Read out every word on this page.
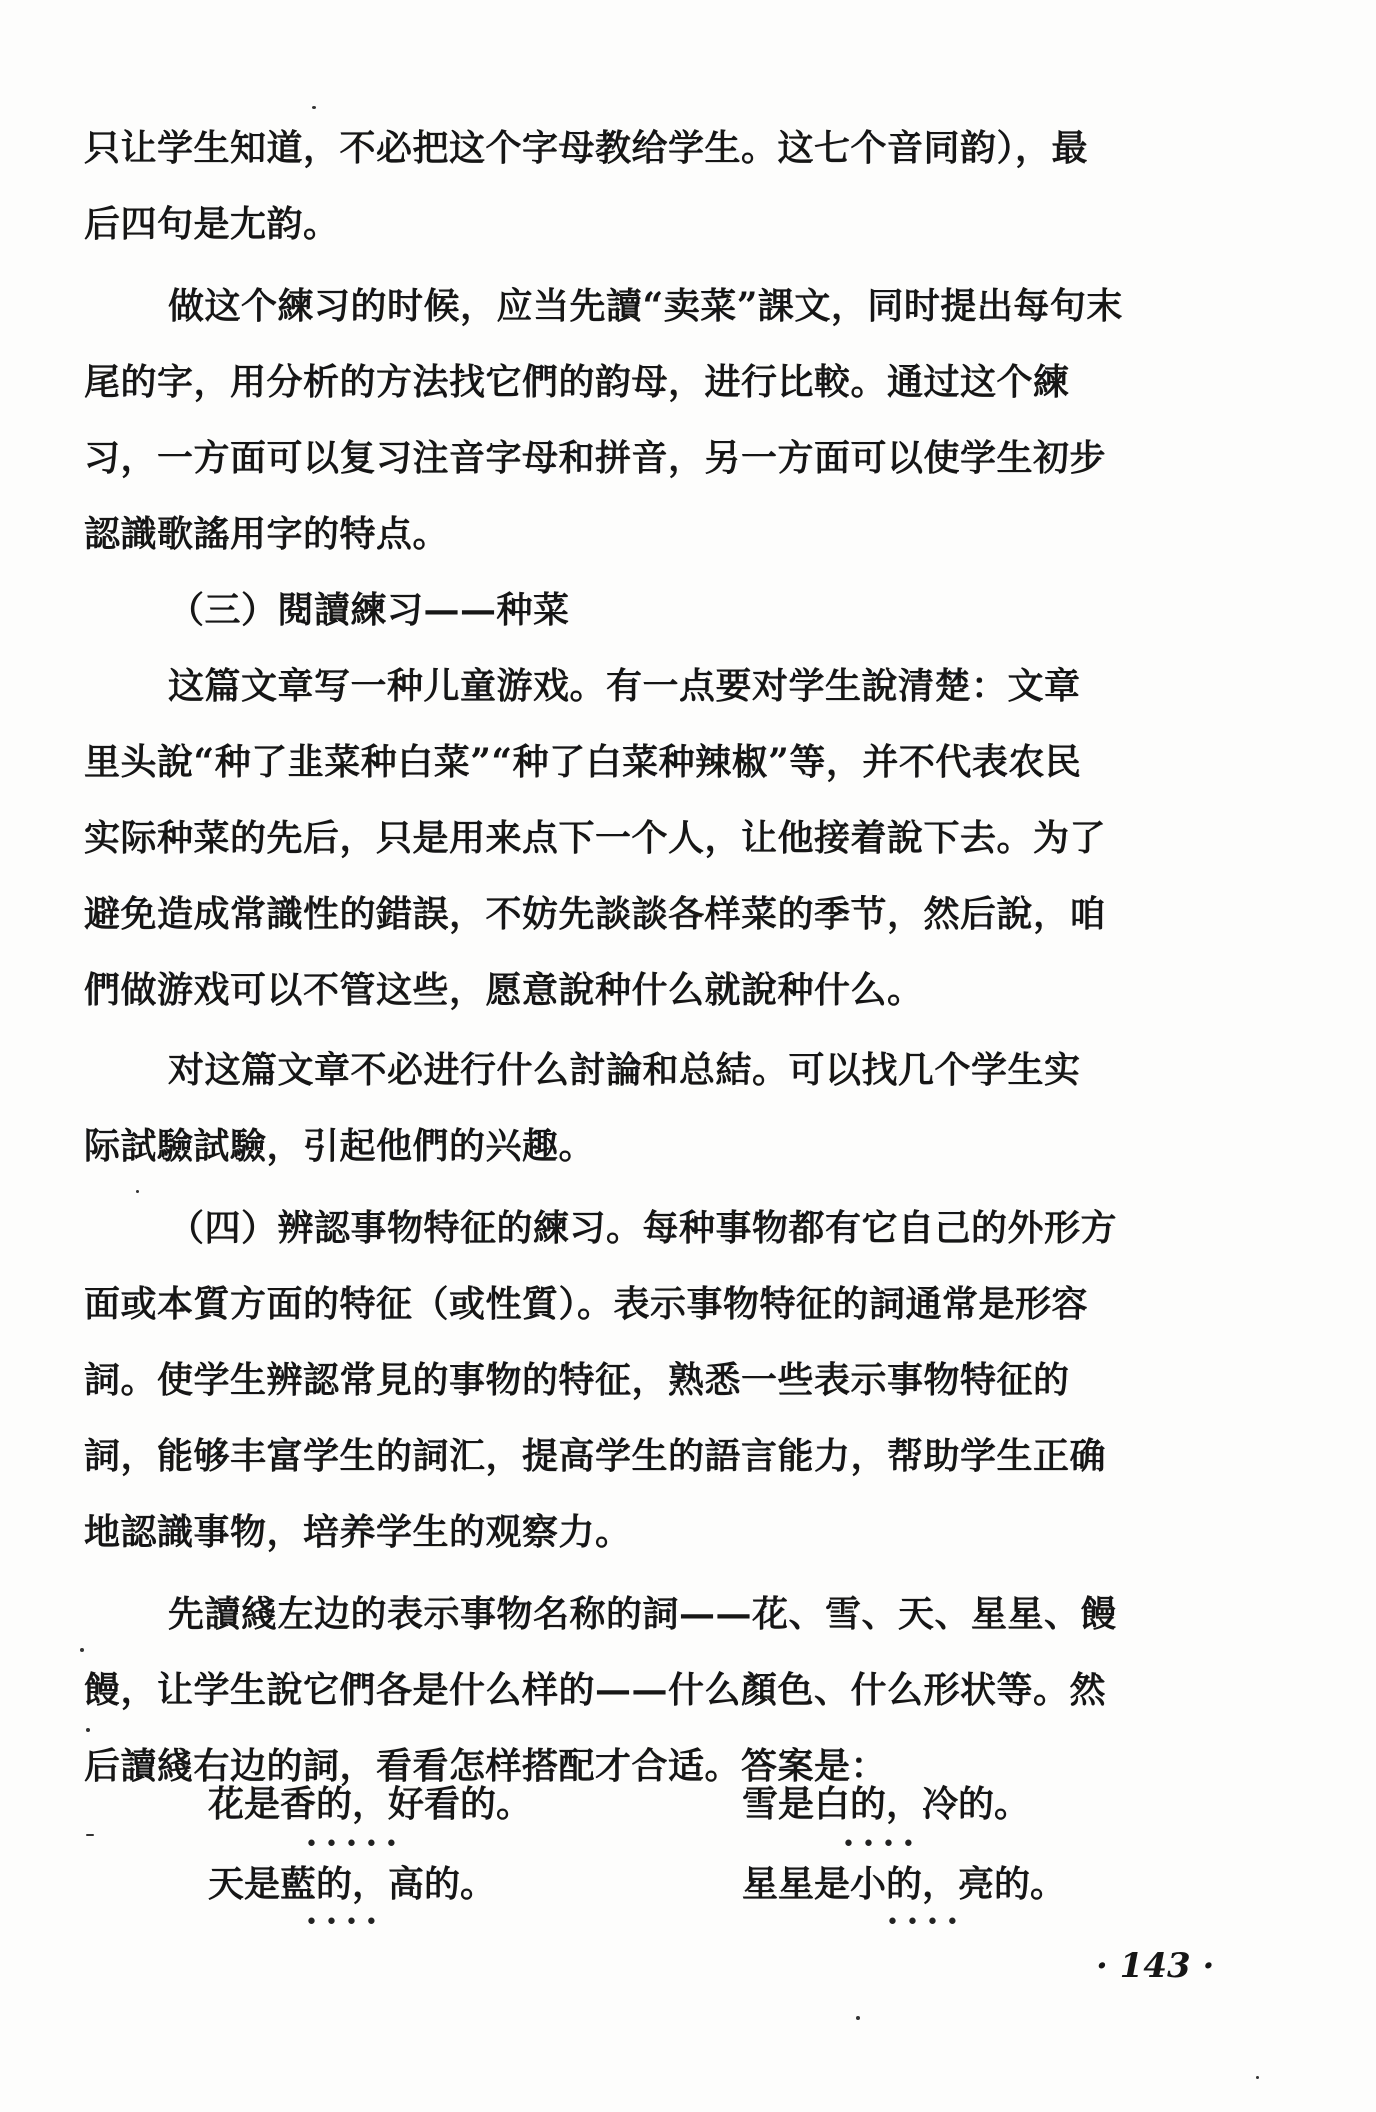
只让学生知道，不必把这个字母教给学生。这七个音同韵），最
后四句是尢韵。
做这个練习的时候，应当先讀“卖菜”課文，同时提出每句末
尾的字，用分析的方法找它們的韵母，进行比較。通过这个練
习，一方面可以复习注音字母和拼音，另一方面可以使学生初步
認識歌謠用字的特点。
（三）閱讀練习——种菜
这篇文章写一种儿童游戏。有一点要对学生說清楚：文章
里头說“种了韭菜种白菜”“种了白菜种辣椒”等，并不代表农民
实际种菜的先后，只是用来点下一个人，让他接着說下去。为了
避免造成常識性的錯誤，不妨先談談各样菜的季节，然后說，咱
們做游戏可以不管这些，愿意說种什么就說种什么。
对这篇文章不必进行什么討論和总結。可以找几个学生实
际試驗試驗，引起他們的兴趣。
（四）辨認事物特征的練习。每种事物都有它自己的外形方
面或本質方面的特征（或性質）。表示事物特征的詞通常是形容
詞。使学生辨認常見的事物的特征，熟悉一些表示事物特征的
詞，能够丰富学生的詞汇，提高学生的語言能力，帮助学生正确
地認識事物，培养学生的观察力。
先讀綫左边的表示事物名称的詞——花、雪、天、星星、饅
饅，让学生說它們各是什么样的——什么顏色、什么形状等。然
后讀綫右边的詞，看看怎样搭配才合适。答案是：
花是香的，好看的。
• • • • •
雪是白的，冷的。
• • • •
天是藍的，高的。
• • • •
星星是小的，亮的。
• • • •
· 143 ·
